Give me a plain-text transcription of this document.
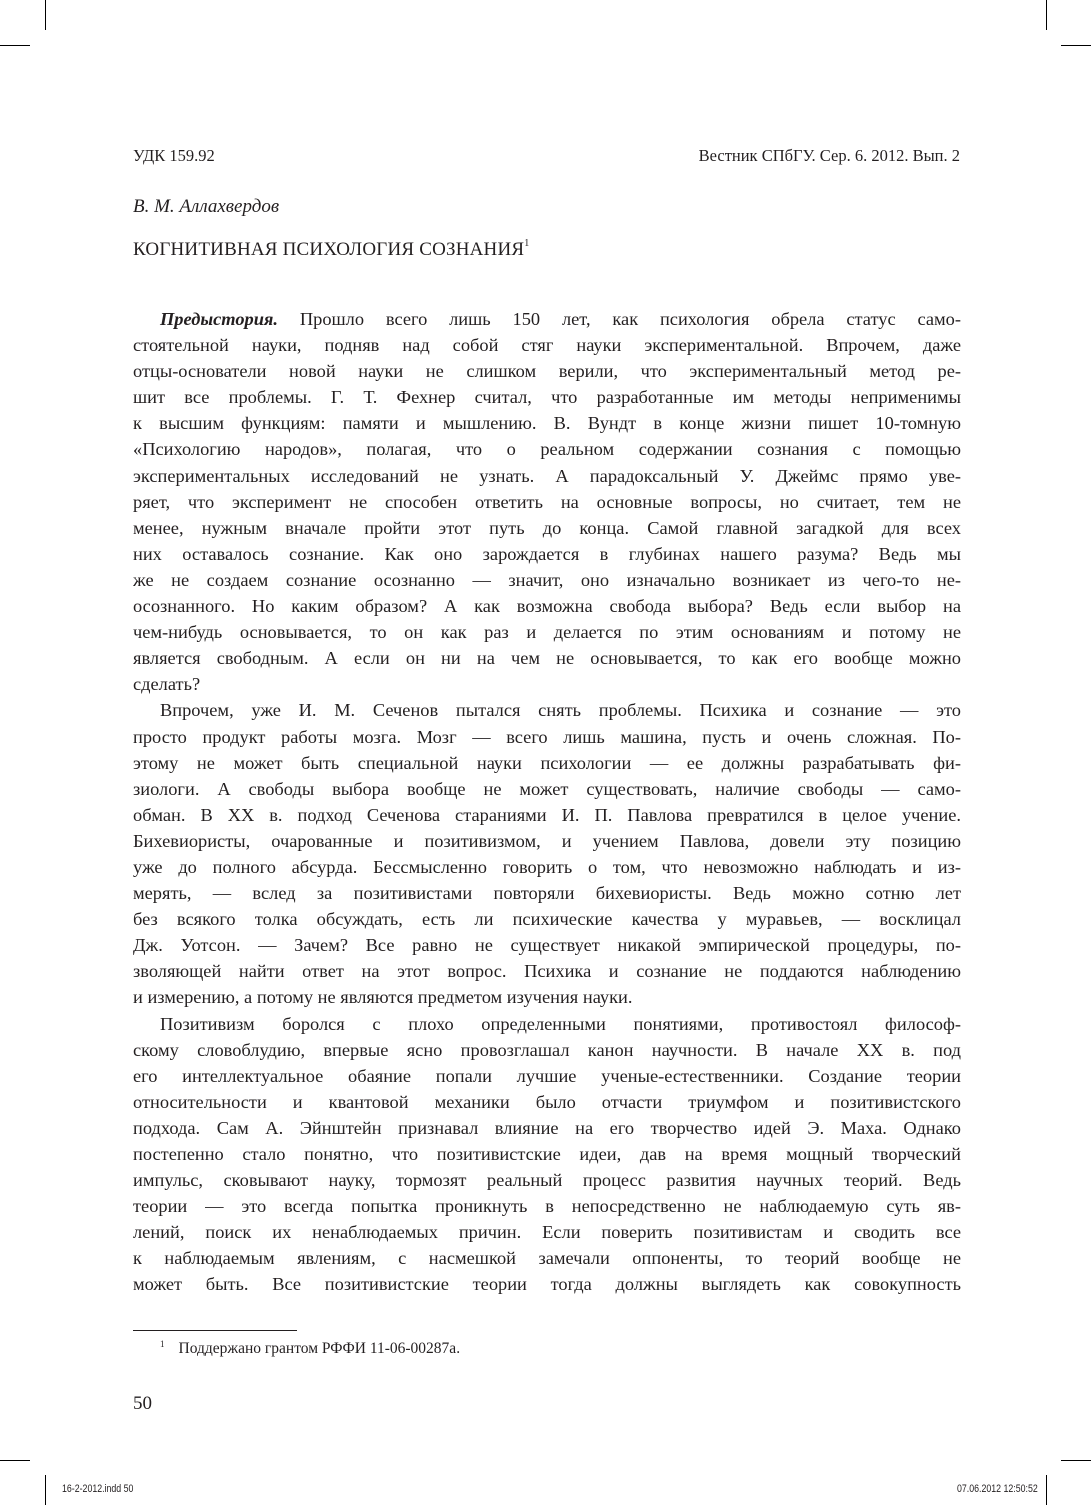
УДК 159.92	Вестник СПбГУ. Сер. 6. 2012. Вып. 2
В. М. Аллахвердов
КОГНИТИВНАЯ ПСИХОЛОГИЯ СОЗНАНИЯ$^1$
Предыстория. Прошло всего лишь 150 лет, как психология обрела статус само-
стоятельной науки, подняв над собой стяг науки экспериментальной. Впрочем, даже
отцы-основатели новой науки не слишком верили, что экспериментальный метод ре-
шит все проблемы. Г. Т. Фехнер считал, что разработанные им методы неприменимы
к высшим функциям: памяти и мышлению. В. Вундт в конце жизни пишет 10-томную
«Психологию народов», полагая, что о реальном содержании сознания с помощью
экспериментальных исследований не узнать. А парадоксальный У. Джеймс прямо уве-
ряет, что эксперимент не способен ответить на основные вопросы, но считает, тем не
менее, нужным вначале пройти этот путь до конца. Самой главной загадкой для всех
них оставалось сознание. Как оно зарождается в глубинах нашего разума? Ведь мы
же не создаем сознание осознанно — значит, оно изначально возникает из чего-то не-
осознанного. Но каким образом? А как возможна свобода выбора? Ведь если выбор на
чем-нибудь основывается, то он как раз и делается по этим основаниям и потому не
является свободным. А если он ни на чем не основывается, то как его вообще можно
сделать?
Впрочем, уже И. М. Сеченов пытался снять проблемы. Психика и сознание — это
просто продукт работы мозга. Мозг — всего лишь машина, пусть и очень сложная. По-
этому не может быть специальной науки психологии — ее должны разрабатывать фи-
зиологи. А свободы выбора вообще не может существовать, наличие свободы — само-
обман. В XX в. подход Сеченова стараниями И. П. Павлова превратился в целое учение.
Бихевиористы, очарованные и позитивизмом, и учением Павлова, довели эту позицию
уже до полного абсурда. Бессмысленно говорить о том, что невозможно наблюдать и из-
мерять, — вслед за позитивистами повторяли бихевиористы. Ведь можно сотню лет
без всякого толка обсуждать, есть ли психические качества у муравьев, — восклицал
Дж. Уотсон. — Зачем? Все равно не существует никакой эмпирической процедуры, по-
зволяющей найти ответ на этот вопрос. Психика и сознание не поддаются наблюдению
и измерению, а потому не являются предметом изучения науки.
Позитивизм боролся с плохо определенными понятиями, противостоял философ-
скому словоблудию, впервые ясно провозглашал канон научности. В начале XX в. под
его интеллектуальное обаяние попали лучшие ученые-естественники. Создание теории
относительности и квантовой механики было отчасти триумфом и позитивистского
подхода. Сам А. Эйнштейн признавал влияние на его творчество идей Э. Маха. Однако
постепенно стало понятно, что позитивистские идеи, дав на время мощный творческий
импульс, сковывают науку, тормозят реальный процесс развития научных теорий. Ведь
теории — это всегда попытка проникнуть в непосредственно не наблюдаемую суть яв-
лений, поиск их ненаблюдаемых причин. Если поверить позитивистам и сводить все
к наблюдаемым явлениям, с насмешкой замечали оппоненты, то теорий вообще не
может быть. Все позитивистские теории тогда должны выглядеть как совокупность
$^1$ Поддержано грантом РФФИ 11-06-00287а.
50
16-2-2012.indd 50	07.06.2012 12:50:52
